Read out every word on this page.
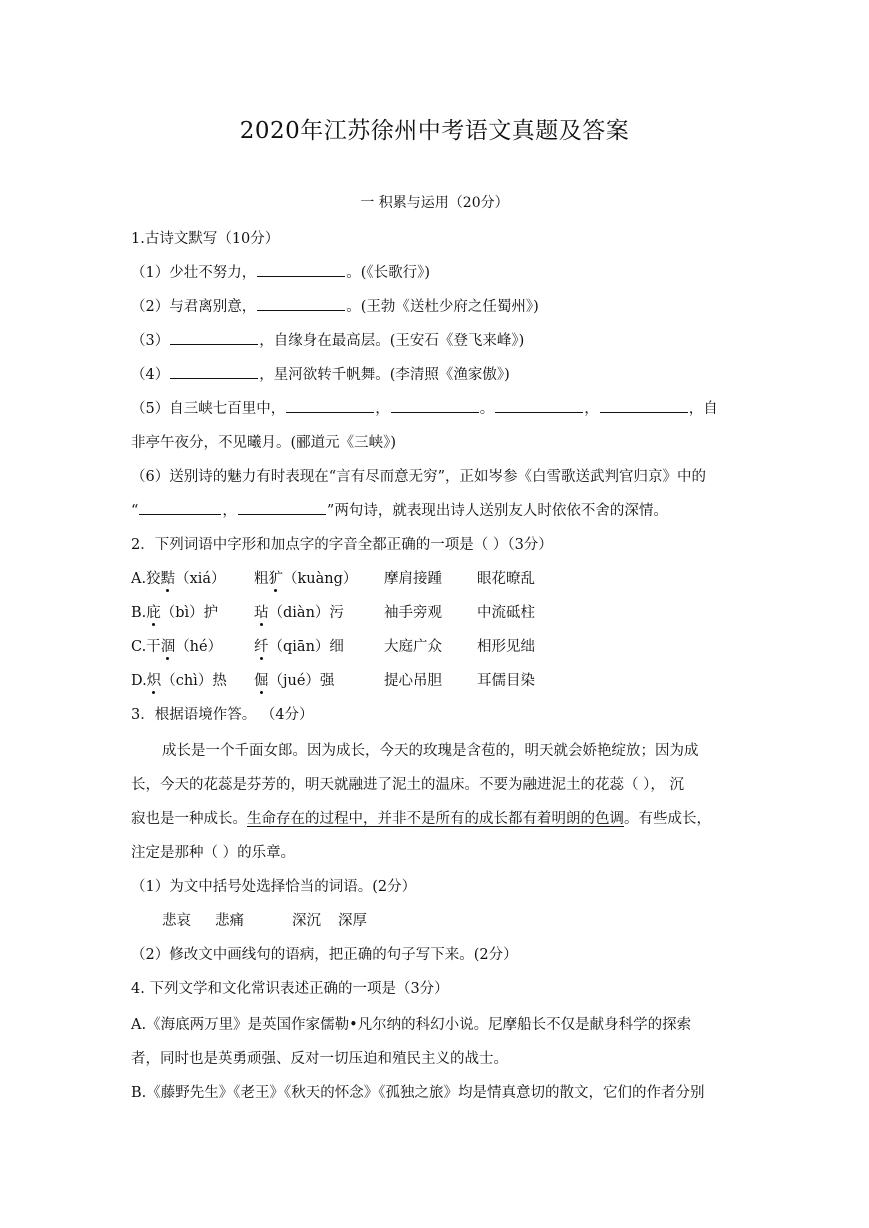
2020年江苏徐州中考语文真题及答案
一 积累与运用（20分）
1.古诗文默写（10分）
（1）少壮不努力，	。(《长歌行》)
（2）与君离别意，	。(王勃《送杜少府之任蜀州》)
（3）	，自缘身在最高层。(王安石《登飞来峰》)
（4）	，星河欲转千帆舞。(李清照《渔家傲》)
（5）自三峡七百里中，	，	。	，	，自
非亭午夜分，不见曦月。(郦道元《三峡》)
（6）送别诗的魅力有时表现在“言有尽而意无穷”，正如岑参《白雪歌送武判官归京》中的
“	，	”两句诗，就表现出诗人送别友人时依依不舍的深情。
2．下列词语中字形和加点字的字音全都正确的一项是（ ）（3分）
A.狡黠（xiá） 粗犷（kuàng） 摩肩接踵 眼花暸乱
B.庇（bì）护 玷（diàn）污	袖手旁观 中流砥柱
C.干涸（hé） 纤（qiān）细	大庭广众 相形见绌
D.炽（chì）热 倔（jué）强	提心吊胆 耳儒目染
3．根据语境作答。 （4分）
成长是一个千面女郎。因为成长，今天的玫瑰是含苞的，明天就会娇艳绽放；因为成
长，今天的花蕊是芬芳的，明天就融进了泥土的温床。不要为融进泥土的花蕊（ ）， 沉
寂也是一种成长。生命存在的过程中，并非不是所有的成长都有着明朗的色调。有些成长，
注定是那种（ ）的乐章。
（1）为文中括号处选择恰当的词语。(2分）
悲哀 悲痛	深沉 深厚
（2）修改文中画线句的语病，把正确的句子写下来。(2分）
4. 下列文学和文化常识表述正确的一项是（3分）
A.《海底两万里》是英国作家儒勒•凡尔纳的科幻小说。尼摩船长不仅是献身科学的探索
者，同时也是英勇顽强、反对一切压迫和殖民主义的战士。
B.《藤野先生》《老王》《秋天的怀念》《孤独之旅》均是情真意切的散文，它们的作者分别
